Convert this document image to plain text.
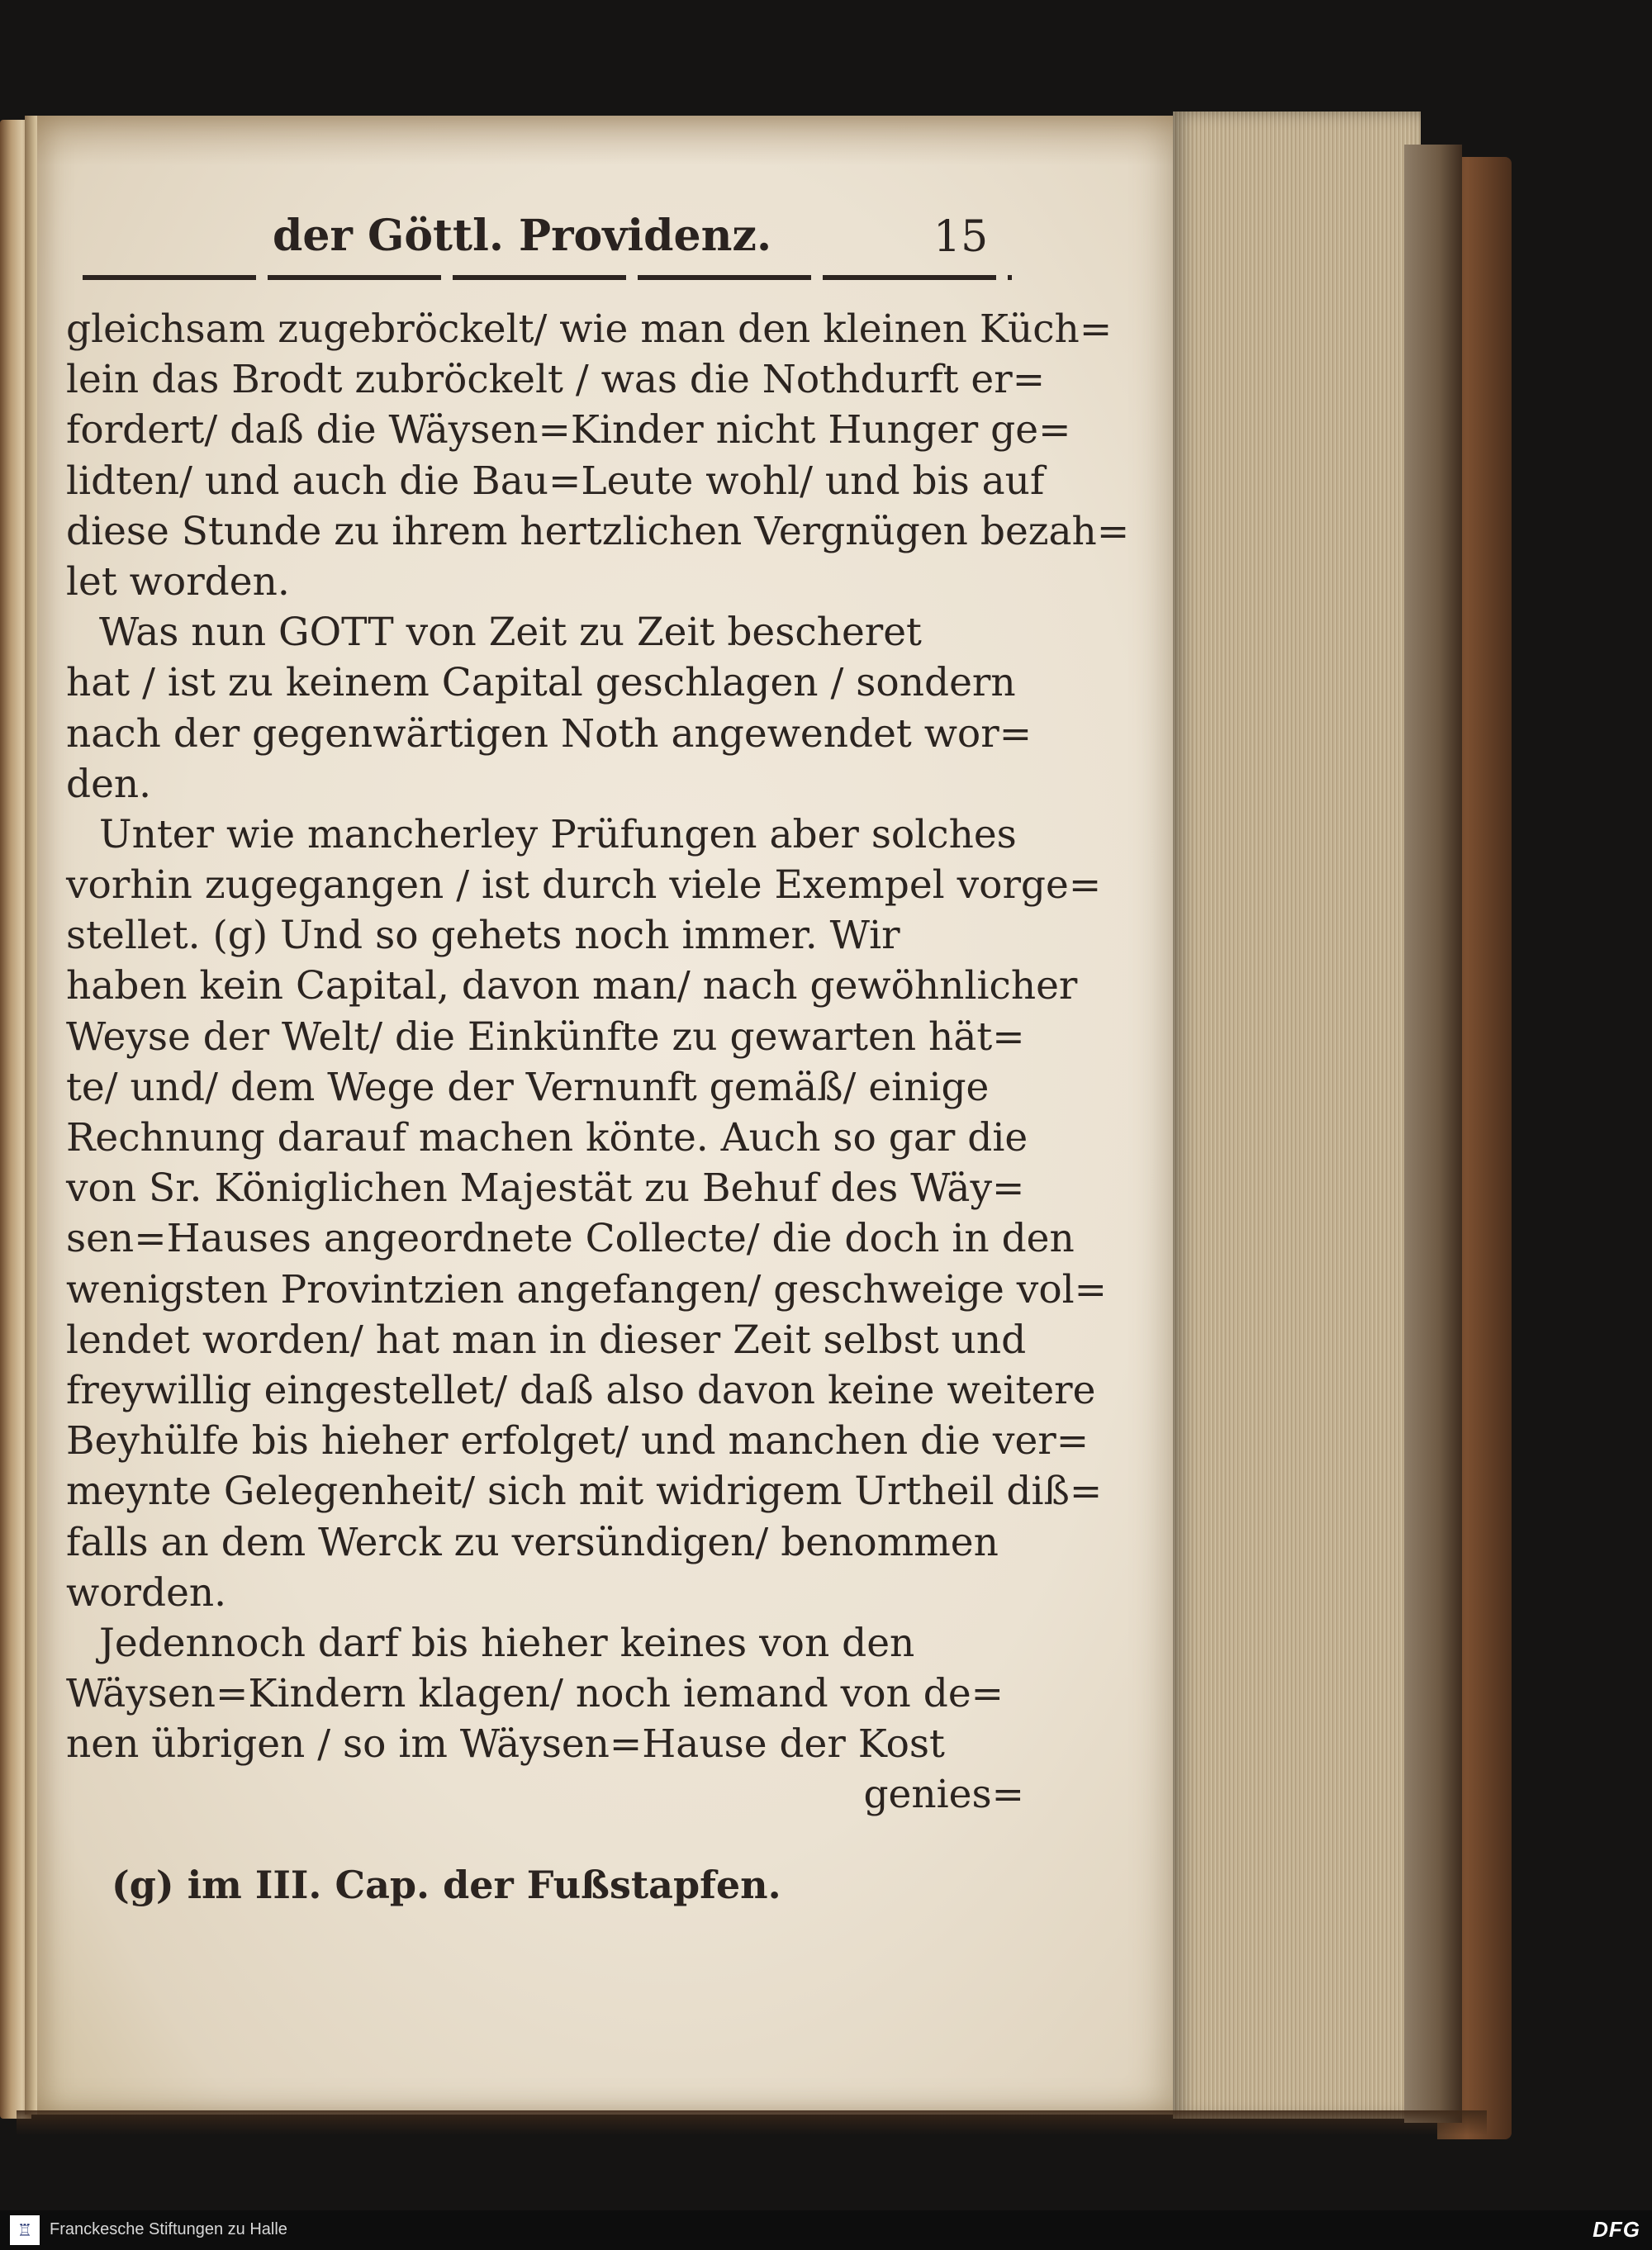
der Göttl. Providenz.	15
gleichsam zugebröckelt/ wie man den kleinen Küch=
lein das Brodt zubröckelt / was die Nothdurft er=
fordert/ daß die Wäysen=Kinder nicht Hunger ge=
lidten/ und auch die Bau=Leute wohl/ und bis auf
diese Stunde zu ihrem hertzlichen Vergnügen bezah=
let worden.
Was nun GOTT von Zeit zu Zeit bescheret
hat / ist zu keinem Capital geschlagen / sondern
nach der gegenwärtigen Noth angewendet wor=
den.
Unter wie mancherley Prüfungen aber solches
vorhin zugegangen / ist durch viele Exempel vorge=
stellet. (g) Und so gehets noch immer. Wir
haben kein Capital, davon man/ nach gewöhnlicher
Weyse der Welt/ die Einkünfte zu gewarten hät=
te/ und/ dem Wege der Vernunft gemäß/ einige
Rechnung darauf machen könte. Auch so gar die
von Sr. Königlichen Majestät zu Behuf des Wäy=
sen=Hauses angeordnete Collecte/ die doch in den
wenigsten Provintzien angefangen/ geschweige vol=
lendet worden/ hat man in dieser Zeit selbst und
freywillig eingestellet/ daß also davon keine weitere
Beyhülfe bis hieher erfolget/ und manchen die ver=
meynte Gelegenheit/ sich mit widrigem Urtheil diß=
falls an dem Werck zu versündigen/ benommen
worden.
Jedennoch darf bis hieher keines von den
Wäysen=Kindern klagen/ noch iemand von de=
nen übrigen / so im Wäysen=Hause der Kost
genies=
(g) im III. Cap. der Fußstapfen.
♖	Franckesche Stiftungen zu Halle	DFG
